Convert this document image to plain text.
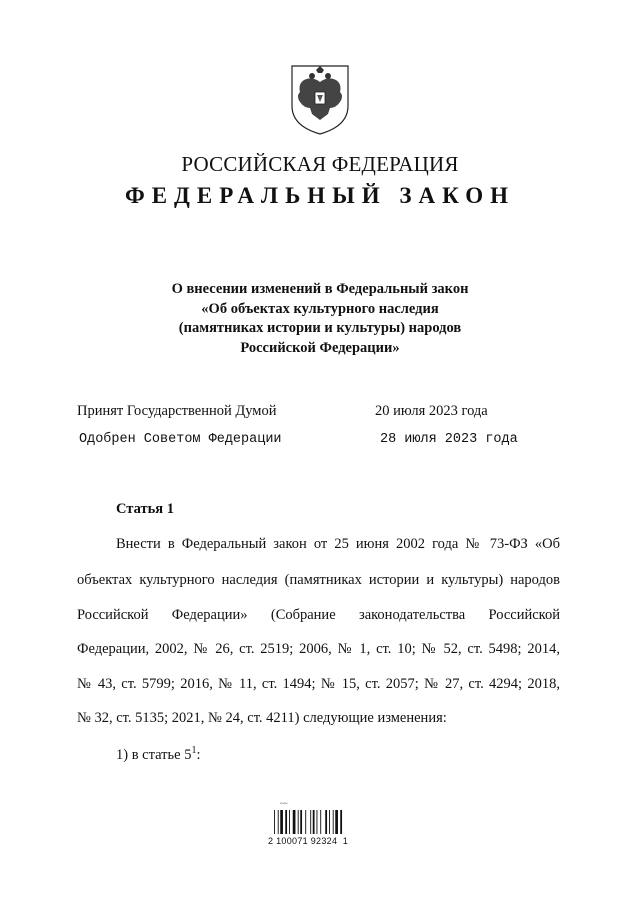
РОССИЙСКАЯ ФЕДЕРАЦИЯ
ФЕДЕРАЛЬНЫЙ ЗАКОН
О внесении изменений в Федеральный закон
«Об объектах культурного наследия
(памятниках истории и культуры) народов
Российской Федерации»
Принят Государственной Думой	20 июля 2023 года
Одобрен Советом Федерации	28 июля 2023 года
Статья 1
Внести в Федеральный закон от 25 июня 2002 года № 73-ФЗ «Об
объектах культурного наследия (памятниках истории и культуры) народов
Российской Федерации» (Собрание законодательства Российской
Федерации, 2002, № 26, ст. 2519; 2006, № 1, ст. 10; № 52, ст. 5498; 2014,
№ 43, ст. 5799; 2016, № 11, ст. 1494; № 15, ст. 2057; № 27, ст. 4294; 2018,
№ 32, ст. 5135; 2021, № 24, ст. 4211) следующие изменения:
1) в статье $5^1$:
~~
2 100071 92324  1
